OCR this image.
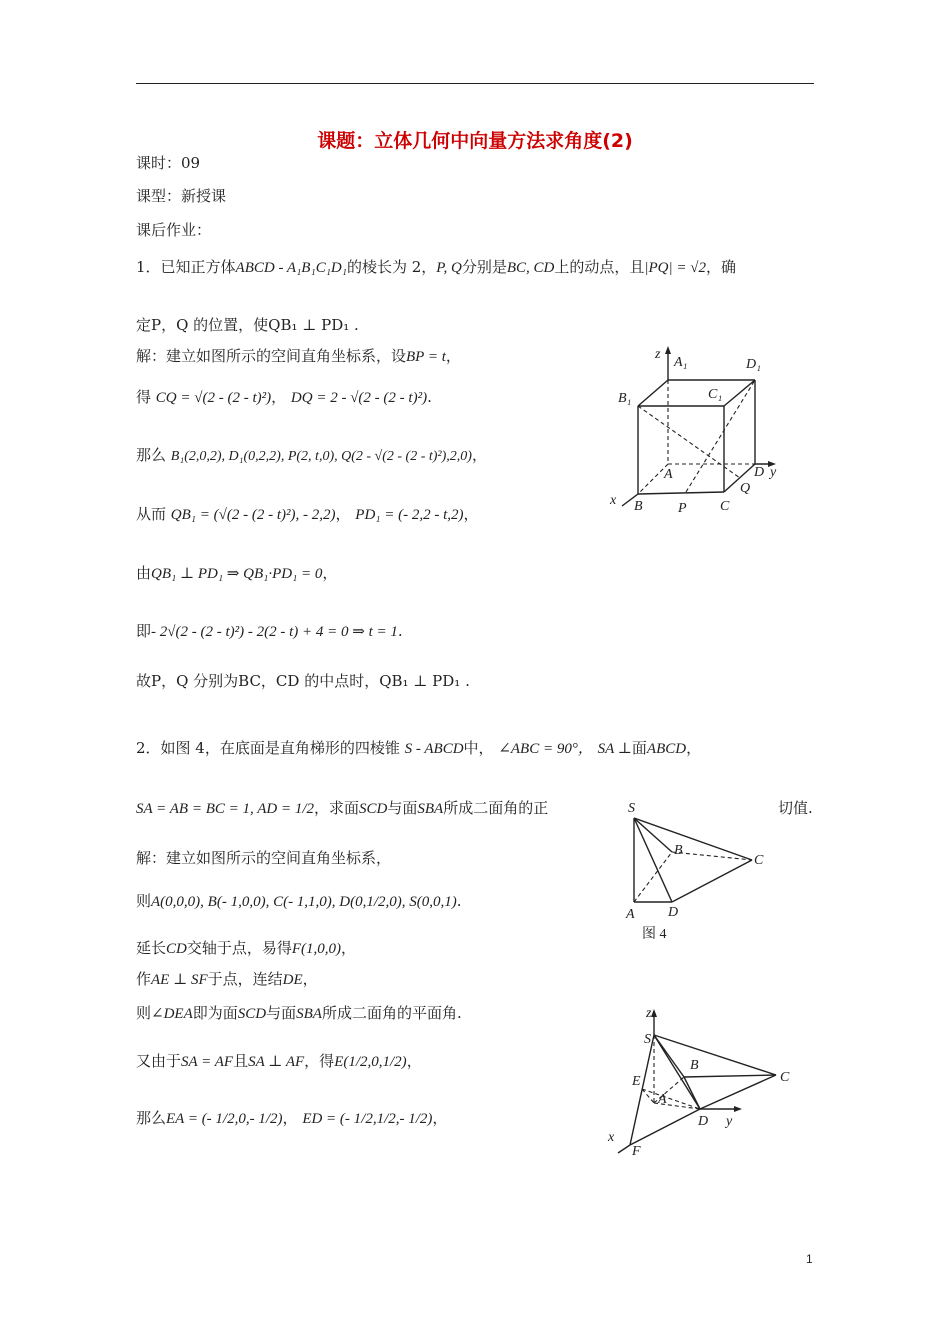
课题：立体几何中向量方法求角度(2)
课时：09
课型：新授课
课后作业：
1．已知正方体ABCD - A₁B₁C₁D₁的棱长为 2，P, Q分别是BC, CD上的动点，且|PQ| = √2，确
定P，Q 的位置，使QB₁ ⊥ PD₁ .
解：建立如图所示的空间直角坐标系，设BP = t，
得 CQ = √(2 - (2 - t)²)， DQ = 2 - √(2 - (2 - t)²).
那么 B₁(2,0,2), D₁(0,2,2), P(2, t,0), Q(2 - √(2 - (2 - t)²),2,0)，
从而 QB₁ = (√(2 - (2 - t)²), - 2,2)， PD₁ = (- 2,2 - t,2)，
由QB₁ ⊥ PD₁ ⇒ QB₁·PD₁ = 0，
即- 2√(2 - (2 - t)²) - 2(2 - t) + 4 = 0 ⇒ t = 1.
故P，Q 分别为BC，CD 的中点时，QB₁ ⊥ PD₁ .
z
A₁	D₁
B₁	C₁
A	D y
x B	P C
Q
2．如图 4，在底面是直角梯形的四棱锥 S - ABCD中， ∠ABC = 90°， SA ⊥面ABCD，
SA = AB = BC = 1, AD = 1/2，求面SCD与面SBA所成二面角的正	切值.
解：建立如图所示的空间直角坐标系，
则A(0,0,0), B(- 1,0,0), C(- 1,1,0), D(0,1/2,0), S(0,0,1).
延长CD交轴于点，易得F(1,0,0)，
作AE ⊥ SF于点，连结DE，
则∠DEA即为面SCD与面SBA所成二面角的平面角.
又由于SA = AF且SA ⊥ AF，得E(1/2,0,1/2)，
那么EA = (- 1/2,0,- 1/2)， ED = (- 1/2,1/2,- 1/2)，
S
B
C
A D
图 4
z
S
B
C
E
A
D y
x
F
1
